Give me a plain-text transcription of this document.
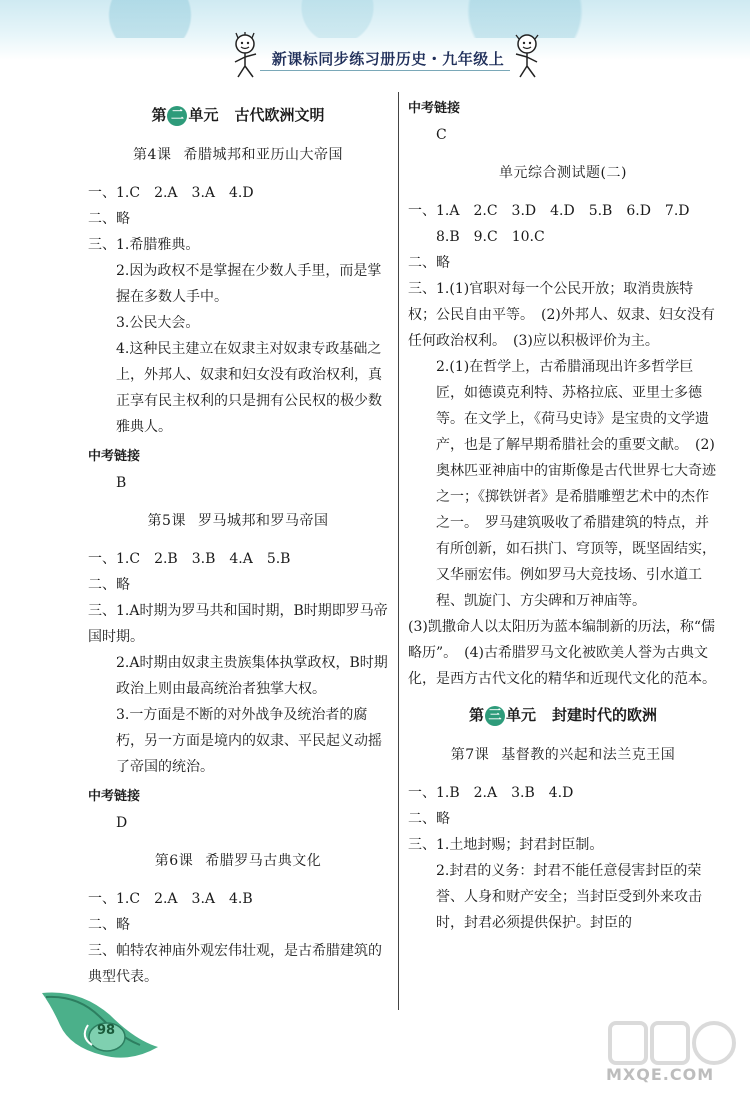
新课标同步练习册历史・九年级上
第 二 单元 古代欧洲文明
第4课 希腊城邦和亚历山大帝国

一、1.C　2.A　3.A　4.D

二、略

三、1.希腊雅典。

2.因为政权不是掌握在少数人手里，而是掌握在多数人手中。

3.公民大会。

4.这种民主建立在奴隶主对奴隶专政基础之上，外邦人、奴隶和妇女没有政治权利，真正享有民主权利的只是拥有公民权的极少数雅典人。

中考链接
B
第5课 罗马城邦和罗马帝国

一、1.C　2.B　3.B　4.A　5.B

二、略

三、1.A时期为罗马共和国时期，B时期即罗马帝国时期。

2.A时期由奴隶主贵族集体执掌政权，B时期政治上则由最高统治者独掌大权。

3.一方面是不断的对外战争及统治者的腐朽，另一方面是境内的奴隶、平民起义动摇了帝国的统治。

中考链接
D
第6课 希腊罗马古典文化

一、1.C　2.A　3.A　4.B

二、略

三、帕特农神庙外观宏伟壮观，是古希腊建筑的典型代表。

中考链接
C
单元综合测试题(二)

一、1.A　2.C　3.D　4.D　5.B　6.D　7.D

　　8.B　9.C　10.C

二、略

三、1.(1)官职对每一个公民开放；取消贵族特权；公民自由平等。　(2)外邦人、奴隶、妇女没有任何政治权利。　(3)应以积极评价为主。

2.(1)在哲学上，古希腊涌现出许多哲学巨匠，如德谟克利特、苏格拉底、亚里士多德等。在文学上，《荷马史诗》是宝贵的文学遗产，也是了解早期希腊社会的重要文献。　(2)奥林匹亚神庙中的宙斯像是古代世界七大奇迹之一；《掷铁饼者》是希腊雕塑艺术中的杰作之一。　罗马建筑吸收了希腊建筑的特点，并有所创新，如石拱门、穹顶等，既坚固结实，又华丽宏伟。例如罗马大竞技场、引水道工程、凯旋门、方尖碑和万神庙等。

(3)凯撒命人以太阳历为蓝本编制新的历法，称“儒略历”。　(4)古希腊罗马文化被欧美人誉为古典文化，是西方古代文化的精华和近现代文化的范本。

第 三 单元 封建时代的欧洲
第7课 基督教的兴起和法兰克王国

一、1.B　2.A　3.B　4.D

二、略

三、1.土地封赐；封君封臣制。

2.封君的义务：封君不能任意侵害封臣的荣誉、人身和财产安全；当封臣受到外来攻击时，封君必须提供保护。封臣的

98
MXQE.COM
